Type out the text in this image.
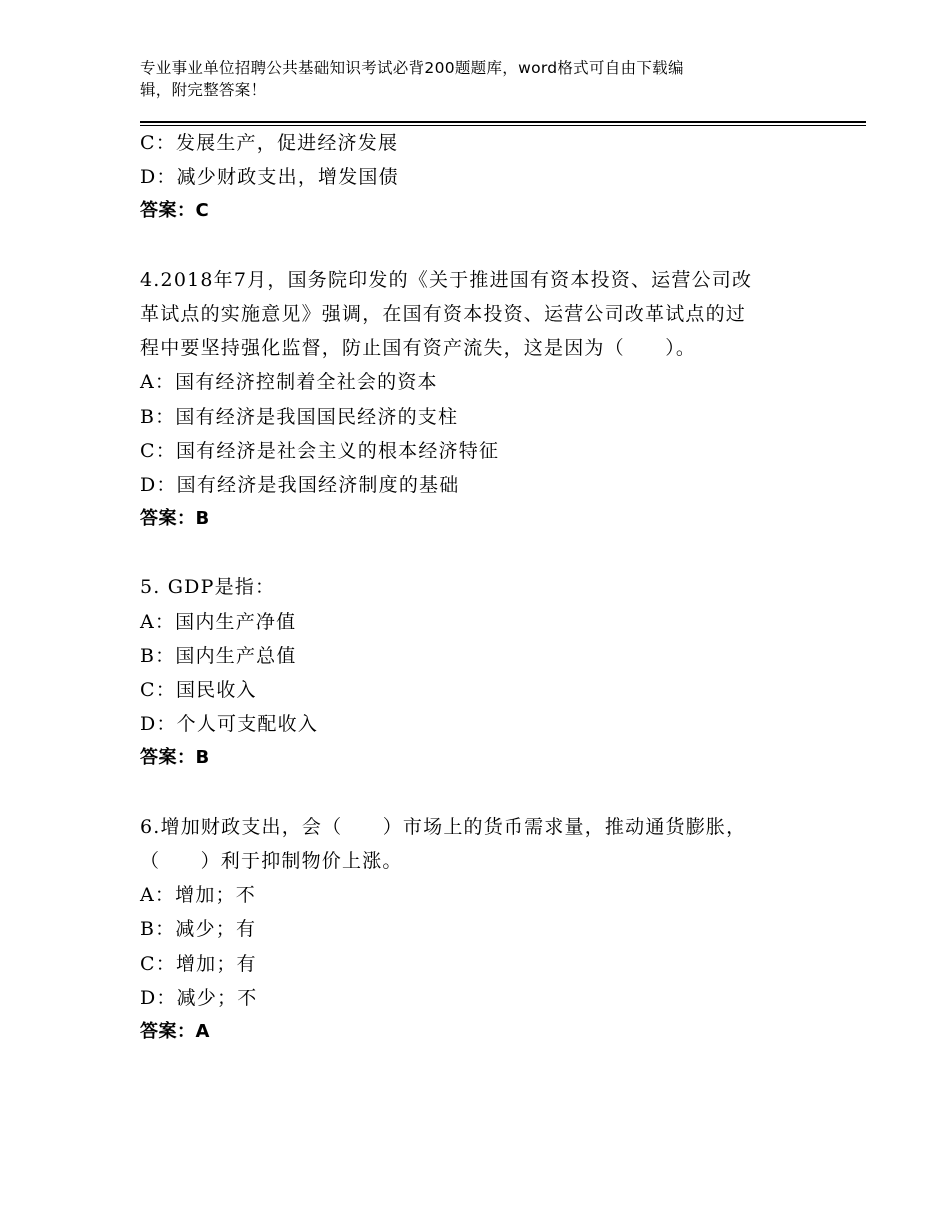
专业事业单位招聘公共基础知识考试必背200题题库，word格式可自由下载编
辑，附完整答案！
C：发展生产，促进经济发展
D：减少财政支出，增发国债
答案：C
4.2018年7月，国务院印发的《关于推进国有资本投资、运营公司改
革试点的实施意见》强调，在国有资本投资、运营公司改革试点的过
程中要坚持强化监督，防止国有资产流失，这是因为（　　）。
A：国有经济控制着全社会的资本
B：国有经济是我国国民经济的支柱
C：国有经济是社会主义的根本经济特征
D：国有经济是我国经济制度的基础
答案：B
5. GDP是指：
A：国内生产净值
B：国内生产总值
C：国民收入
D：个人可支配收入
答案：B
6.增加财政支出，会（　　）市场上的货币需求量，推动通货膨胀，
（　　）利于抑制物价上涨。
A：增加；不
B：减少；有
C：增加；有
D：减少；不
答案：A
